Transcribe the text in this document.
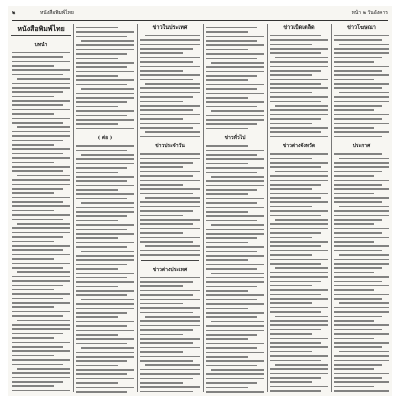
๒	หนังสือพิมพ์ไทย	หน้า ๒ วันอังคาร
หนังสือพิมพ์ไทย
บทนำ
( ต่อ )
ข่าวในประเทศ
ข่าวประจำวัน
ข่าวต่างประเทศ
ข่าวทั่วไป
ข่าวเบ็ดเตล็ด
ข่าวต่างจังหวัด
ข่าวโฆษณา
ประกาศ
